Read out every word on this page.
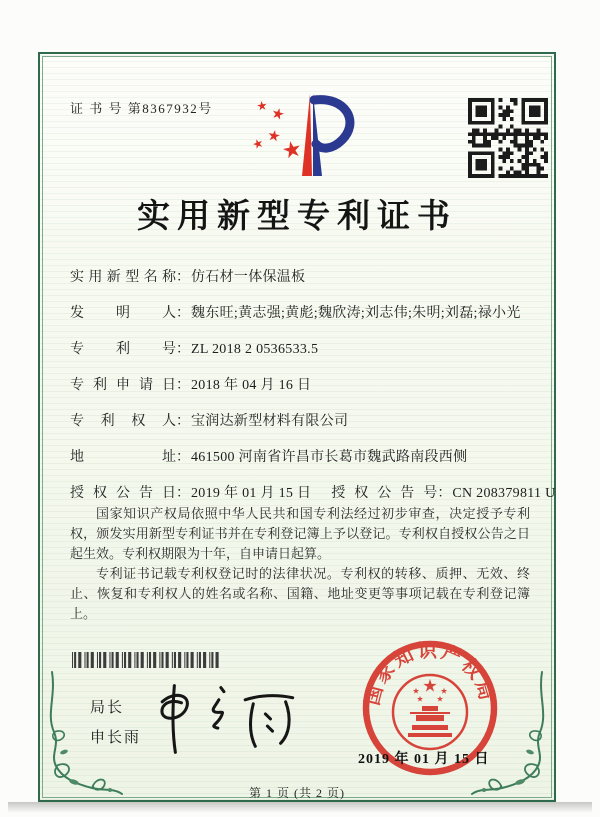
证 书 号 第8367932号
实用新型专利证书
实用新型名称：仿石材一体保温板
发明人：魏东旺;黄志强;黄彪;魏欣涛;刘志伟;朱明;刘磊;禄小光
专利号：ZL 2018 2 0536533.5
专利申请日：2018 年 04 月 16 日
专利权人：宝润达新型材料有限公司
地址：461500 河南省许昌市长葛市魏武路南段西侧
授权公告日：2019 年 01 月 15 日 授权公告号：CN 208379811 U

国家知识产权局依照中华人民共和国专利法经过初步审查，决定授予专利权，颁发实用新型专利证书并在专利登记簿上予以登记。专利权自授权公告之日起生效。专利权期限为十年，自申请日起算。

专利证书记载专利权登记时的法律状况。专利权的转移、质押、无效、终止、恢复和专利权人的姓名或名称、国籍、地址变更等事项记载在专利登记簿上。

局长
申长雨
国家知识产权局
2019 年 01 月 15 日
第 1 页 (共 2 页)
